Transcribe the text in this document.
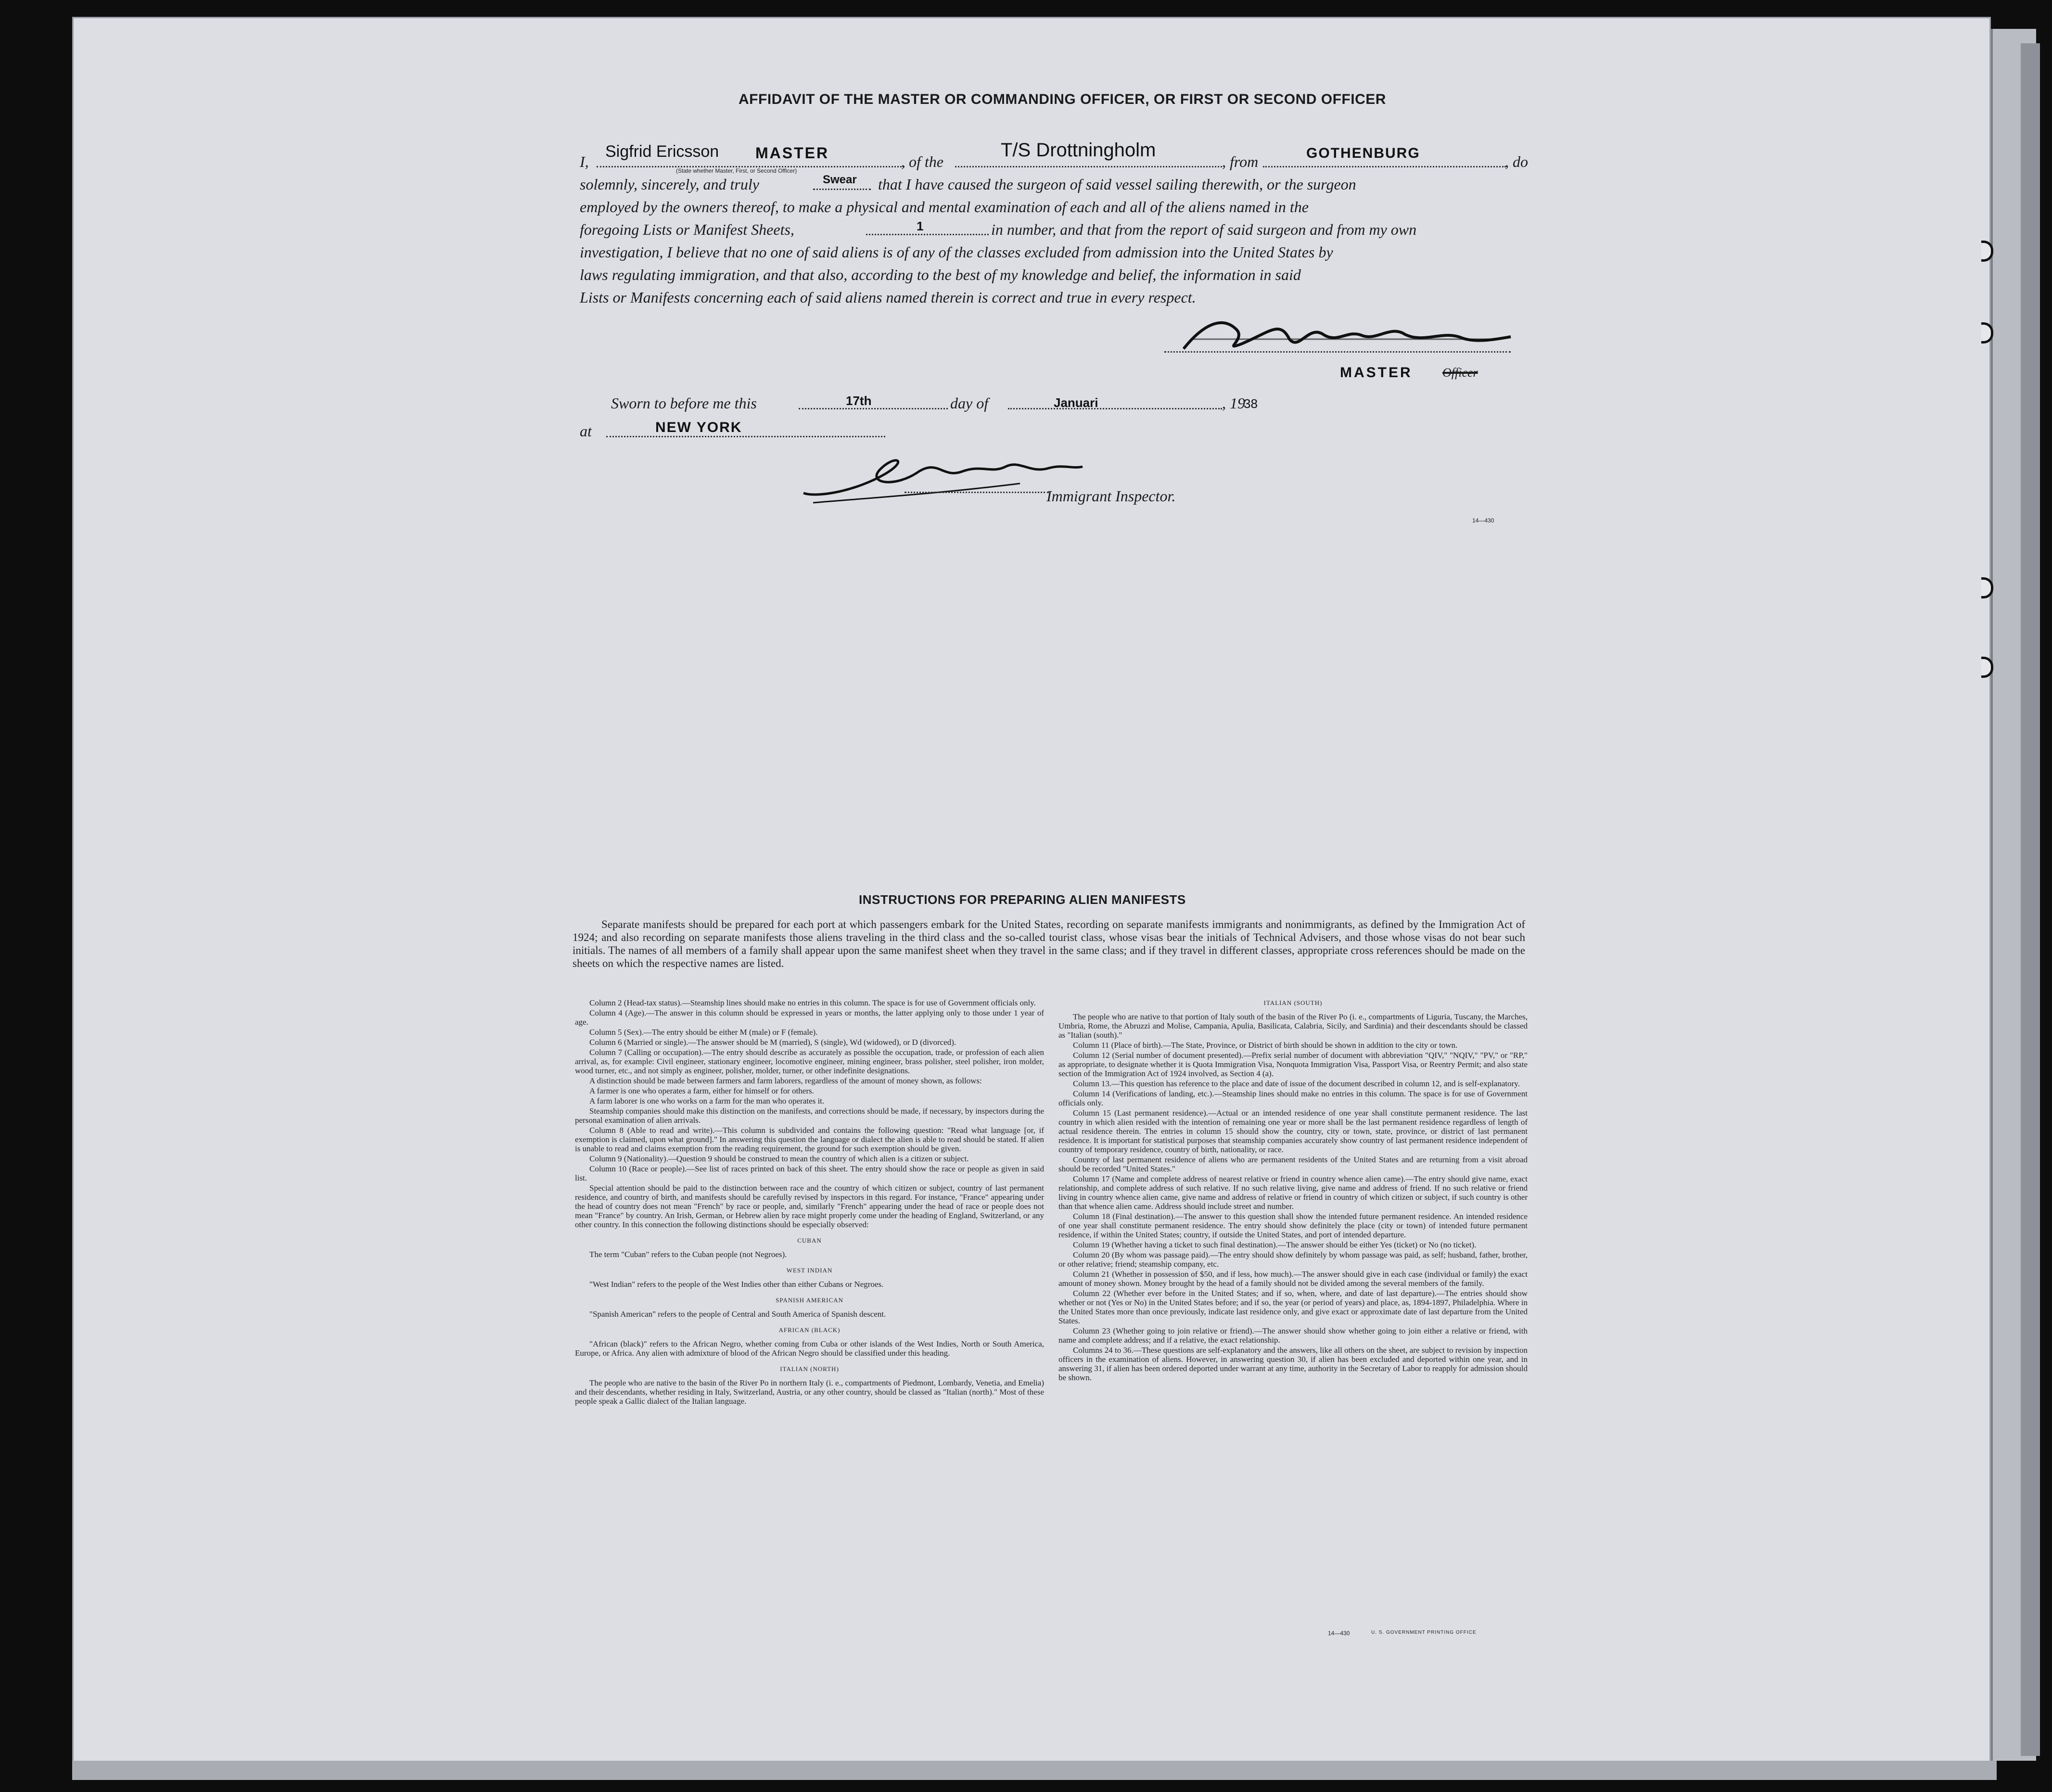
AFFIDAVIT OF THE MASTER OR COMMANDING OFFICER, OR FIRST OR SECOND OFFICER
I,
Sigfrid Ericsson MASTER
(State whether Master, First, or Second Officer)
, of the
T/S Drottningholm
, from	GOTHENBURG	, do
solemnly, sincerely, and truly	Swear that I have caused the surgeon of said vessel sailing therewith, or the surgeon
employed by the owners thereof, to make a physical and mental examination of each and all of the aliens named in the
foregoing Lists or Manifest Sheets,	1	in number, and that from the report of said surgeon and from my own
investigation, I believe that no one of said aliens is of any of the classes excluded from admission into the United States by
laws regulating immigration, and that also, according to the best of my knowledge and belief, the information in said
Lists or Manifests concerning each of said aliens named therein is correct and true in every respect.
MASTER Officer
Sworn to before me this	17th	day of	Januari	, 19
38
at	NEW YORK
Immigrant Inspector.
14—430
INSTRUCTIONS FOR PREPARING ALIEN MANIFESTS
Separate manifests should be prepared for each port at which passengers embark for the United States, recording on separate manifests immigrants and nonimmigrants, as defined by the Immigration Act of 1924; and also recording on separate manifests those aliens traveling in the third class and the so-called tourist class, whose visas bear the initials of Technical Advisers, and those whose visas do not bear such initials. The names of all members of a family shall appear upon the same manifest sheet when they travel in the same class; and if they travel in different classes, appropriate cross references should be made on the sheets on which the respective names are listed.

Column 2 (Head-tax status).—Steamship lines should make no entries in this column. The space is for use of Government officials only.

Column 4 (Age).—The answer in this column should be expressed in years or months, the latter applying only to those under 1 year of age.

Column 5 (Sex).—The entry should be either M (male) or F (female).

Column 6 (Married or single).—The answer should be M (married), S (single), Wd (widowed), or D (divorced).

Column 7 (Calling or occupation).—The entry should describe as accurately as possible the occupation, trade, or profession of each alien arrival, as, for example: Civil engineer, stationary engineer, locomotive engineer, mining engineer, brass polisher, steel polisher, iron molder, wood turner, etc., and not simply as engineer, polisher, molder, turner, or other indefinite designations.

A distinction should be made between farmers and farm laborers, regardless of the amount of money shown, as follows:

A farmer is one who operates a farm, either for himself or for others.

A farm laborer is one who works on a farm for the man who operates it.

Steamship companies should make this distinction on the manifests, and corrections should be made, if necessary, by inspectors during the personal examination of alien arrivals.

Column 8 (Able to read and write).—This column is subdivided and contains the following question: "Read what language [or, if exemption is claimed, upon what ground]." In answering this question the language or dialect the alien is able to read should be stated. If alien is unable to read and claims exemption from the reading requirement, the ground for such exemption should be given.

Column 9 (Nationality).—Question 9 should be construed to mean the country of which alien is a citizen or subject.

Column 10 (Race or people).—See list of races printed on back of this sheet. The entry should show the race or people as given in said list.

Special attention should be paid to the distinction between race and the country of which citizen or subject, country of last permanent residence, and country of birth, and manifests should be carefully revised by inspectors in this regard. For instance, "France" appearing under the head of country does not mean "French" by race or people, and, similarly "French" appearing under the head of race or people does not mean "France" by country. An Irish, German, or Hebrew alien by race might properly come under the heading of England, Switzerland, or any other country. In this connection the following distinctions should be especially observed:

CUBAN

The term "Cuban" refers to the Cuban people (not Negroes).

WEST INDIAN

"West Indian" refers to the people of the West Indies other than either Cubans or Negroes.

SPANISH AMERICAN

"Spanish American" refers to the people of Central and South America of Spanish descent.

AFRICAN (BLACK)

"African (black)" refers to the African Negro, whether coming from Cuba or other islands of the West Indies, North or South America, Europe, or Africa. Any alien with admixture of blood of the African Negro should be classified under this heading.

ITALIAN (NORTH)

The people who are native to the basin of the River Po in northern Italy (i. e., compartments of Piedmont, Lombardy, Venetia, and Emelia) and their descendants, whether residing in Italy, Switzerland, Austria, or any other country, should be classed as "Italian (north)." Most of these people speak a Gallic dialect of the Italian language.

ITALIAN (SOUTH)

The people who are native to that portion of Italy south of the basin of the River Po (i. e., compartments of Liguria, Tuscany, the Marches, Umbria, Rome, the Abruzzi and Molise, Campania, Apulia, Basilicata, Calabria, Sicily, and Sardinia) and their descendants should be classed as "Italian (south)."

Column 11 (Place of birth).—The State, Province, or District of birth should be shown in addition to the city or town.

Column 12 (Serial number of document presented).—Prefix serial number of document with abbreviation "QIV," "NQIV," "PV," or "RP," as appropriate, to designate whether it is Quota Immigration Visa, Nonquota Immigration Visa, Passport Visa, or Reentry Permit; and also state section of the Immigration Act of 1924 involved, as Section 4 (a).

Column 13.—This question has reference to the place and date of issue of the document described in column 12, and is self-explanatory.

Column 14 (Verifications of landing, etc.).—Steamship lines should make no entries in this column. The space is for use of Government officials only.

Column 15 (Last permanent residence).—Actual or an intended residence of one year shall constitute permanent residence. The last country in which alien resided with the intention of remaining one year or more shall be the last permanent residence regardless of length of actual residence therein. The entries in column 15 should show the country, city or town, state, province, or district of last permanent residence. It is important for statistical purposes that steamship companies accurately show country of last permanent residence independent of country of temporary residence, country of birth, nationality, or race.

Country of last permanent residence of aliens who are permanent residents of the United States and are returning from a visit abroad should be recorded "United States."

Column 17 (Name and complete address of nearest relative or friend in country whence alien came).—The entry should give name, exact relationship, and complete address of such relative. If no such relative living, give name and address of friend. If no such relative or friend living in country whence alien came, give name and address of relative or friend in country of which citizen or subject, if such country is other than that whence alien came. Address should include street and number.

Column 18 (Final destination).—The answer to this question shall show the intended future permanent residence. An intended residence of one year shall constitute permanent residence. The entry should show definitely the place (city or town) of intended future permanent residence, if within the United States; country, if outside the United States, and port of intended departure.

Column 19 (Whether having a ticket to such final destination).—The answer should be either Yes (ticket) or No (no ticket).

Column 20 (By whom was passage paid).—The entry should show definitely by whom passage was paid, as self; husband, father, brother, or other relative; friend; steamship company, etc.

Column 21 (Whether in possession of $50, and if less, how much).—The answer should give in each case (individual or family) the exact amount of money shown. Money brought by the head of a family should not be divided among the several members of the family.

Column 22 (Whether ever before in the United States; and if so, when, where, and date of last departure).—The entries should show whether or not (Yes or No) in the United States before; and if so, the year (or period of years) and place, as, 1894-1897, Philadelphia. Where in the United States more than once previously, indicate last residence only, and give exact or approximate date of last departure from the United States.

Column 23 (Whether going to join relative or friend).—The answer should show whether going to join either a relative or friend, with name and complete address; and if a relative, the exact relationship.

Columns 24 to 36.—These questions are self-explanatory and the answers, like all others on the sheet, are subject to revision by inspection officers in the examination of aliens. However, in answering question 30, if alien has been excluded and deported within one year, and in answering 31, if alien has been ordered deported under warrant at any time, authority in the Secretary of Labor to reapply for admission should be shown.

14—430	U. S. GOVERNMENT PRINTING OFFICE
